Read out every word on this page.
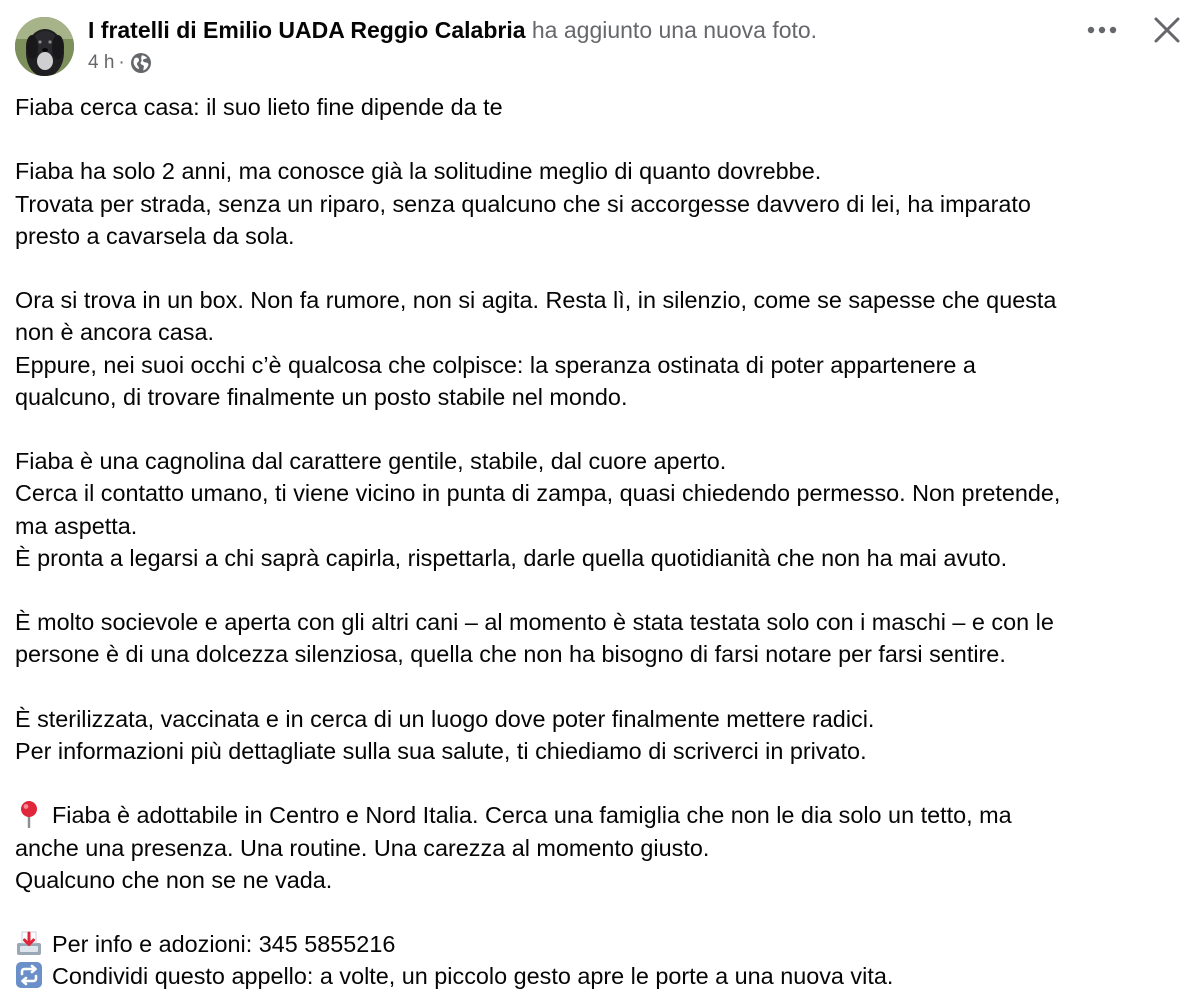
I fratelli di Emilio UADA Reggio Calabria ha aggiunto una nuova foto.
4 h ·

Fiaba cerca casa: il suo lieto fine dipende da te

Fiaba ha solo 2 anni, ma conosce già la solitudine meglio di quanto dovrebbe.
Trovata per strada, senza un riparo, senza qualcuno che si accorgesse davvero di lei, ha imparato
presto a cavarsela da sola.

Ora si trova in un box. Non fa rumore, non si agita. Resta lì, in silenzio, come se sapesse che questa
non è ancora casa.
Eppure, nei suoi occhi c’è qualcosa che colpisce: la speranza ostinata di poter appartenere a
qualcuno, di trovare finalmente un posto stabile nel mondo.

Fiaba è una cagnolina dal carattere gentile, stabile, dal cuore aperto.
Cerca il contatto umano, ti viene vicino in punta di zampa, quasi chiedendo permesso. Non pretende,
ma aspetta.
È pronta a legarsi a chi saprà capirla, rispettarla, darle quella quotidianità che non ha mai avuto.

È molto socievole e aperta con gli altri cani – al momento è stata testata solo con i maschi – e con le
persone è di una dolcezza silenziosa, quella che non ha bisogno di farsi notare per farsi sentire.

È sterilizzata, vaccinata e in cerca di un luogo dove poter finalmente mettere radici.
Per informazioni più dettagliate sulla sua salute, ti chiediamo di scriverci in privato.

Fiaba è adottabile in Centro e Nord Italia. Cerca una famiglia che non le dia solo un tetto, ma
anche una presenza. Una routine. Una carezza al momento giusto.
Qualcuno che non se ne vada.

Per info e adozioni: 345 5855216
Condividi questo appello: a volte, un piccolo gesto apre le porte a una nuova vita.
